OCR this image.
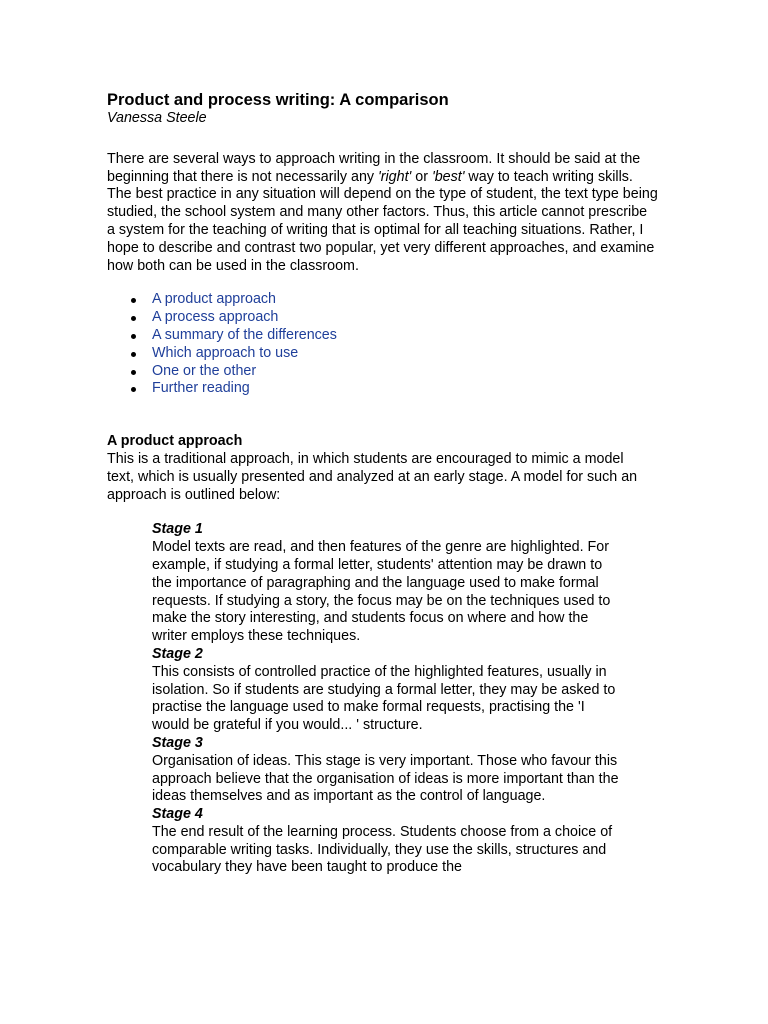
Product and process writing: A comparison

Vanessa Steele

There are several ways to approach writing in the classroom. It should be said at the beginning that there is not necessarily any 'right' or 'best' way to teach writing skills. The best practice in any situation will depend on the type of student, the text type being studied, the school system and many other factors. Thus, this article cannot prescribe a system for the teaching of writing that is optimal for all teaching situations. Rather, I hope to describe and contrast two popular, yet very different approaches, and examine how both can be used in the classroom.

A product approach
A process approach
A summary of the differences
Which approach to use
One or the other
Further reading

A product approach

This is a traditional approach, in which students are encouraged to mimic a model text, which is usually presented and analyzed at an early stage. A model for such an approach is outlined below:

Stage 1

Model texts are read, and then features of the genre are highlighted. For example, if studying a formal letter, students' attention may be drawn to the importance of paragraphing and the language used to make formal requests. If studying a story, the focus may be on the techniques used to make the story interesting, and students focus on where and how the writer employs these techniques.

Stage 2

This consists of controlled practice of the highlighted features, usually in isolation. So if students are studying a formal letter, they may be asked to practise the language used to make formal requests, practising the 'I would be grateful if you would... ' structure.

Stage 3

Organisation of ideas. This stage is very important. Those who favour this approach believe that the organisation of ideas is more important than the ideas themselves and as important as the control of language.

Stage 4

The end result of the learning process. Students choose from a choice of comparable writing tasks. Individually, they use the skills, structures and vocabulary they have been taught to produce the
